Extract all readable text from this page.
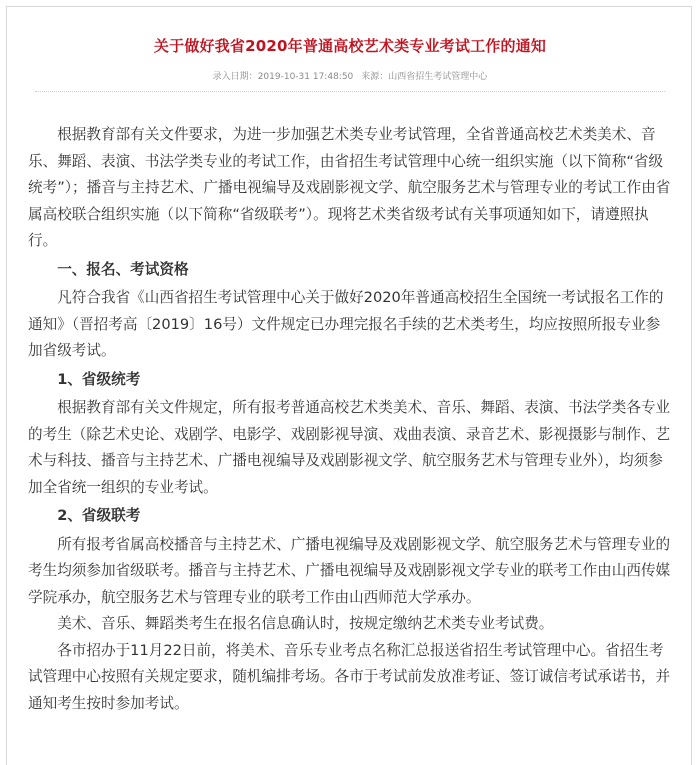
关于做好我省2020年普通高校艺术类专业考试工作的通知
录入日期：2019-10-31 17:48:50 来源：山西省招生考试管理中心

根据教育部有关文件要求，为进一步加强艺术类专业考试管理，全省普通高校艺术类美术、音乐、舞蹈、表演、书法学类专业的考试工作，由省招生考试管理中心统一组织实施（以下简称“省级统考”）；播音与主持艺术、广播电视编导及戏剧影视文学、航空服务艺术与管理专业的考试工作由省属高校联合组织实施（以下简称“省级联考”）。现将艺术类省级考试有关事项通知如下，请遵照执行。

一、报名、考试资格

凡符合我省《山西省招生考试管理中心关于做好2020年普通高校招生全国统一考试报名工作的通知》（晋招考高〔2019〕16号）文件规定已办理完报名手续的艺术类考生，均应按照所报专业参加省级考试。

1、省级统考

根据教育部有关文件规定，所有报考普通高校艺术类美术、音乐、舞蹈、表演、书法学类各专业的考生（除艺术史论、戏剧学、电影学、戏剧影视导演、戏曲表演、录音艺术、影视摄影与制作、艺术与科技、播音与主持艺术、广播电视编导及戏剧影视文学、航空服务艺术与管理专业外），均须参加全省统一组织的专业考试。

2、省级联考

所有报考省属高校播音与主持艺术、广播电视编导及戏剧影视文学、航空服务艺术与管理专业的考生均须参加省级联考。播音与主持艺术、广播电视编导及戏剧影视文学专业的联考工作由山西传媒学院承办，航空服务艺术与管理专业的联考工作由山西师范大学承办。

美术、音乐、舞蹈类考生在报名信息确认时，按规定缴纳艺术类专业考试费。

各市招办于11月22日前，将美术、音乐专业考点名称汇总报送省招生考试管理中心。省招生考试管理中心按照有关规定要求，随机编排考场。各市于考试前发放准考证、签订诚信考试承诺书，并通知考生按时参加考试。
